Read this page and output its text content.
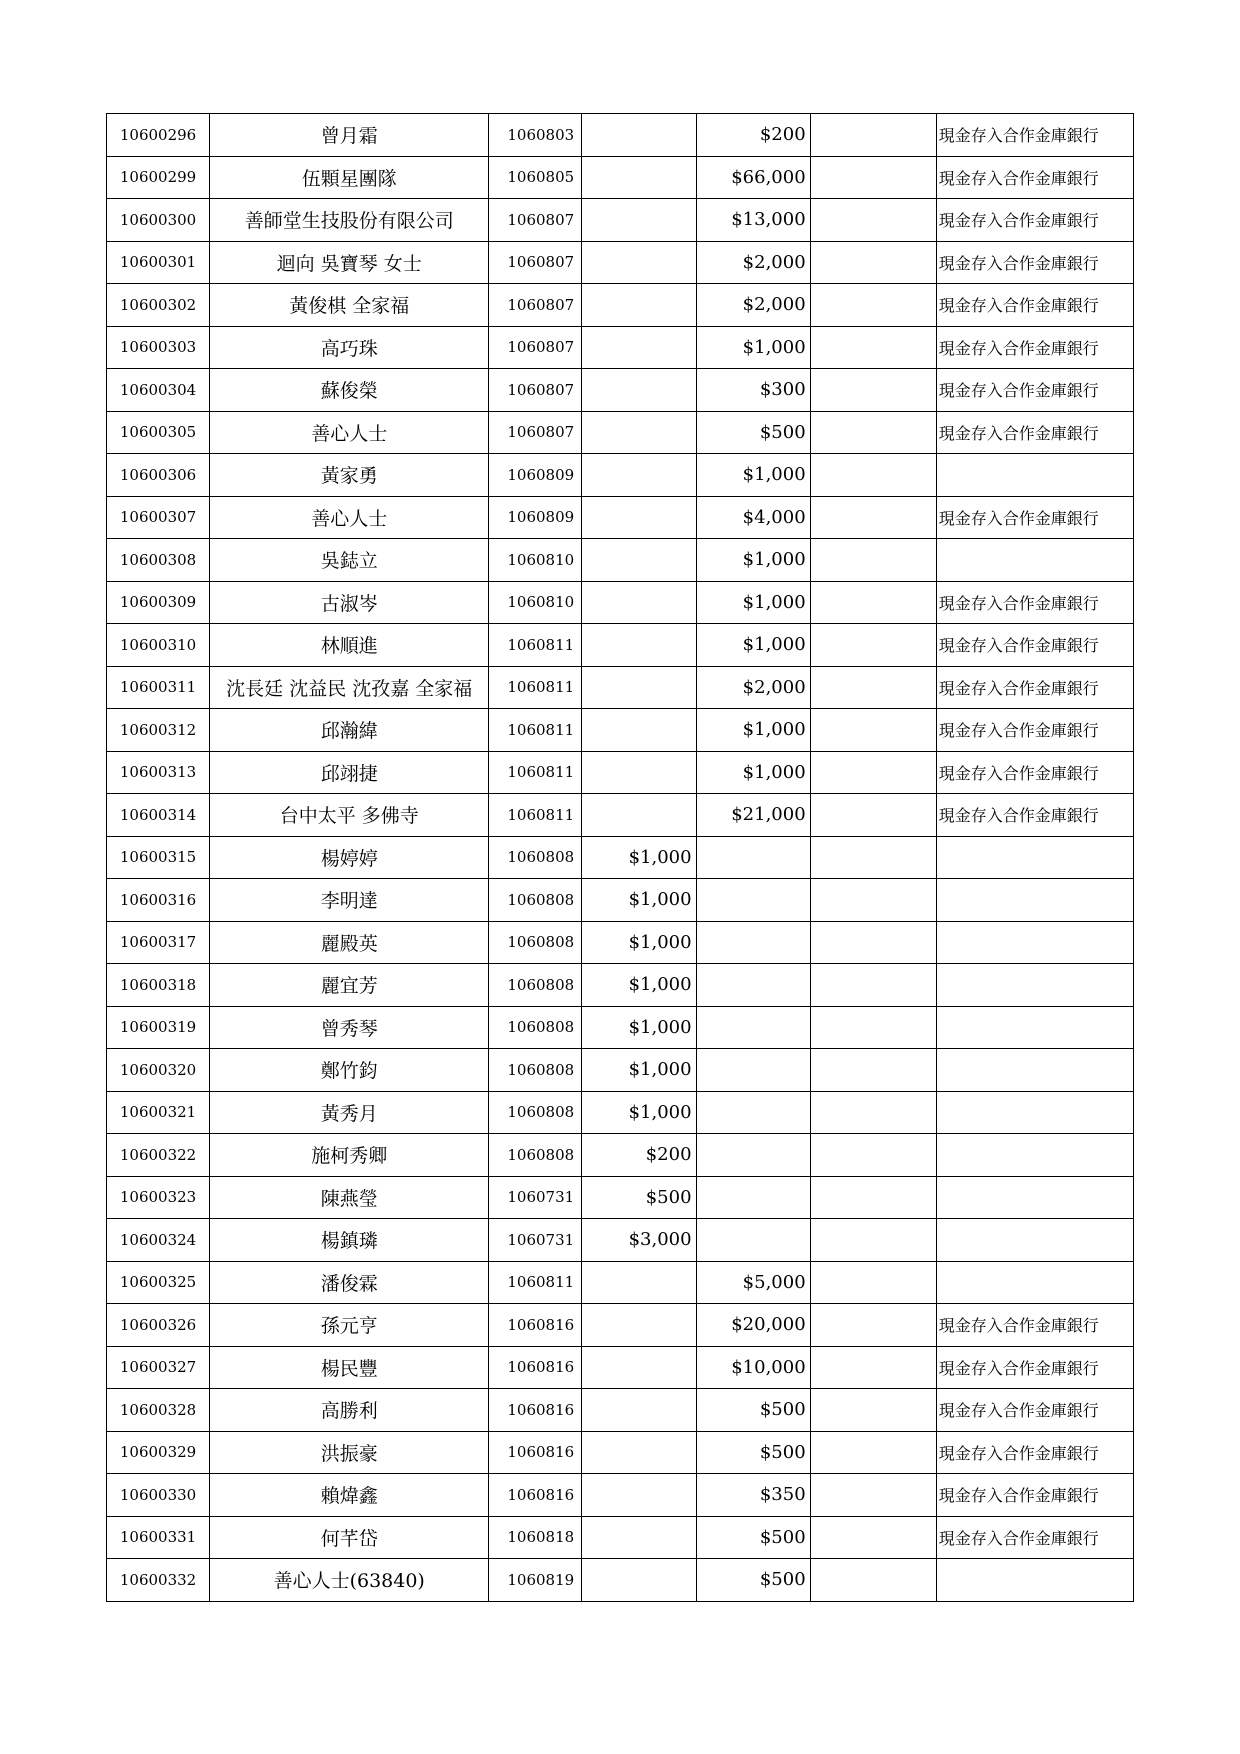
10600296	曾月霜	1060803		$200		現金存入合作金庫銀行
10600299	伍顆星團隊	1060805		$66,000		現金存入合作金庫銀行
10600300	善師堂生技股份有限公司	1060807		$13,000		現金存入合作金庫銀行
10600301	迴向 吳寶琴 女士	1060807		$2,000		現金存入合作金庫銀行
10600302	黃俊棋 全家福	1060807		$2,000		現金存入合作金庫銀行
10600303	高巧珠	1060807		$1,000		現金存入合作金庫銀行
10600304	蘇俊榮	1060807		$300		現金存入合作金庫銀行
10600305	善心人士	1060807		$500		現金存入合作金庫銀行
10600306	黃家勇	1060809		$1,000		
10600307	善心人士	1060809		$4,000		現金存入合作金庫銀行
10600308	吳鋕立	1060810		$1,000		
10600309	古淑岑	1060810		$1,000		現金存入合作金庫銀行
10600310	林順進	1060811		$1,000		現金存入合作金庫銀行
10600311	沈長廷 沈益民 沈孜嘉 全家福	1060811		$2,000		現金存入合作金庫銀行
10600312	邱瀚緯	1060811		$1,000		現金存入合作金庫銀行
10600313	邱翊捷	1060811		$1,000		現金存入合作金庫銀行
10600314	台中太平 多佛寺	1060811		$21,000		現金存入合作金庫銀行
10600315	楊婷婷	1060808	$1,000			
10600316	李明達	1060808	$1,000			
10600317	麗殿英	1060808	$1,000			
10600318	麗宜芳	1060808	$1,000			
10600319	曾秀琴	1060808	$1,000			
10600320	鄭竹鈞	1060808	$1,000			
10600321	黃秀月	1060808	$1,000			
10600322	施柯秀卿	1060808	$200			
10600323	陳燕瑩	1060731	$500			
10600324	楊鎮璘	1060731	$3,000			
10600325	潘俊霖	1060811		$5,000		
10600326	孫元亨	1060816		$20,000		現金存入合作金庫銀行
10600327	楊民豐	1060816		$10,000		現金存入合作金庫銀行
10600328	高勝利	1060816		$500		現金存入合作金庫銀行
10600329	洪振豪	1060816		$500		現金存入合作金庫銀行
10600330	賴煒鑫	1060816		$350		現金存入合作金庫銀行
10600331	何芊岱	1060818		$500		現金存入合作金庫銀行
10600332	善心人士(63840)	1060819		$500		
